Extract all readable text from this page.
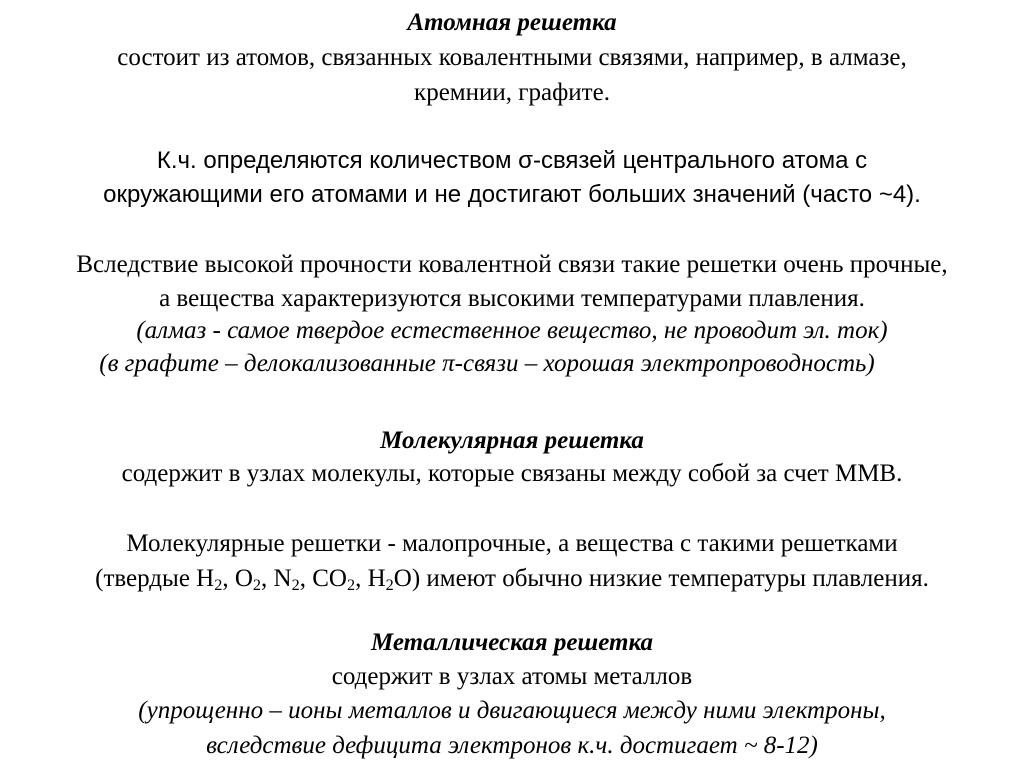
Атомная решетка
состоит из атомов, связанных ковалентными связями, например, в алмазе,
кремнии, графите.
К.ч. определяются количеством σ-связей центрального атома с
окружающими его атомами и не достигают больших значений (часто ~4).
Вследствие высокой прочности ковалентной связи такие решетки очень прочные,
а вещества характеризуются высокими температурами плавления.
(алмаз - самое твердое естественное вещество, не проводит эл. ток)
(в графите – делокализованные π-связи – хорошая электропроводность)
Молекулярная решетка
содержит в узлах молекулы, которые связаны между собой за счет ММВ.
Молекулярные решетки - малопрочные, а вещества с такими решетками
(твердые $H_2$, $O_2$, $N_2$, $CO_2$, $H_2O$) имеют обычно низкие температуры плавления.
Металлическая решетка
содержит в узлах атомы металлов
(упрощенно – ионы металлов и двигающиеся между ними электроны,
вследствие дефицита электронов к.ч. достигает ~ 8-12)
